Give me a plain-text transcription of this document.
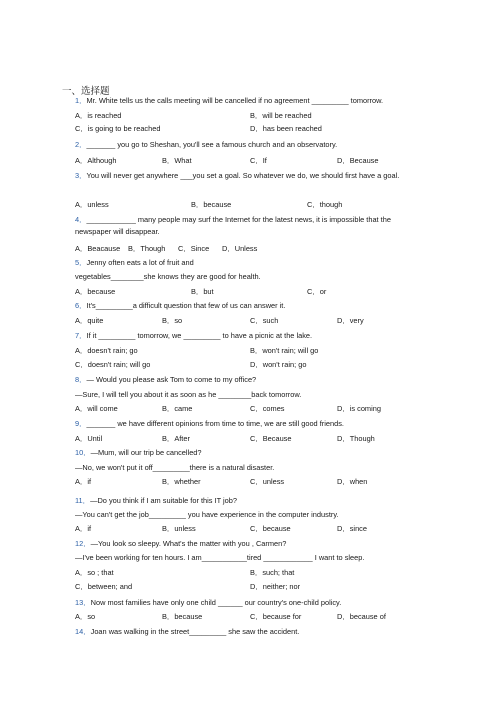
一、选择题
1．Mr. White tells us the calls meeting will be cancelled if no agreement _________ tomorrow.
A．is reached	B．will be reached
C．is going to be reached	D．has been reached
2．_______ you go to Sheshan, you'll see a famous church and an observatory.
A．Although	B．What	C．If	D．Because
3．You will never get anywhere ___you set a goal. So whatever we do, we should first have a goal.
A．unless	B．because	C．though
4．____________ many people may surf the Internet for the latest news, it is impossible that the newspaper will disappear.
A．Beacause B．Though C．Since D．Unless
5．Jenny often eats a lot of fruit and
vegetables________she knows they are good for health.
A．because	B．but	C．or
6．It's_________a difficult question that few of us can answer it.
A．quite	B．so	C．such	D．very
7．If it _________ tomorrow, we _________ to have a picnic at the lake.
A．doesn't rain; go	B．won't rain; will go
C．doesn't rain; will go	D．won't rain; go
8．— Would you please ask Tom to come to my office?
—Sure, I will tell you about it as soon as he ________back tomorrow.
A．will come	B．came	C．comes	D．is coming
9．_______ we have different opinions from time to time, we are still good friends.
A．Until	B．After	C．Because	D．Though
10．—Mum, will our trip be cancelled?
—No, we won't put it off_________there is a natural disaster.
A．if	B．whether	C．unless	D．when
11．—Do you think if I am suitable for this IT job?
—You can't get the job_________ you have experience in the computer industry.
A．if	B．unless	C．because	D．since
12．—You look so sleepy. What's the matter with you , Carmen?
—I've been working for ten hours. I am___________tired ____________ I want to sleep.
A．so ; that	B．such; that
C．between; and	D．neither; nor
13．Now most families have only one child ______ our country's one-child policy.
A．so	B．because	C．because for	D．because of
14．Joan was walking in the street_________ she saw the accident.
